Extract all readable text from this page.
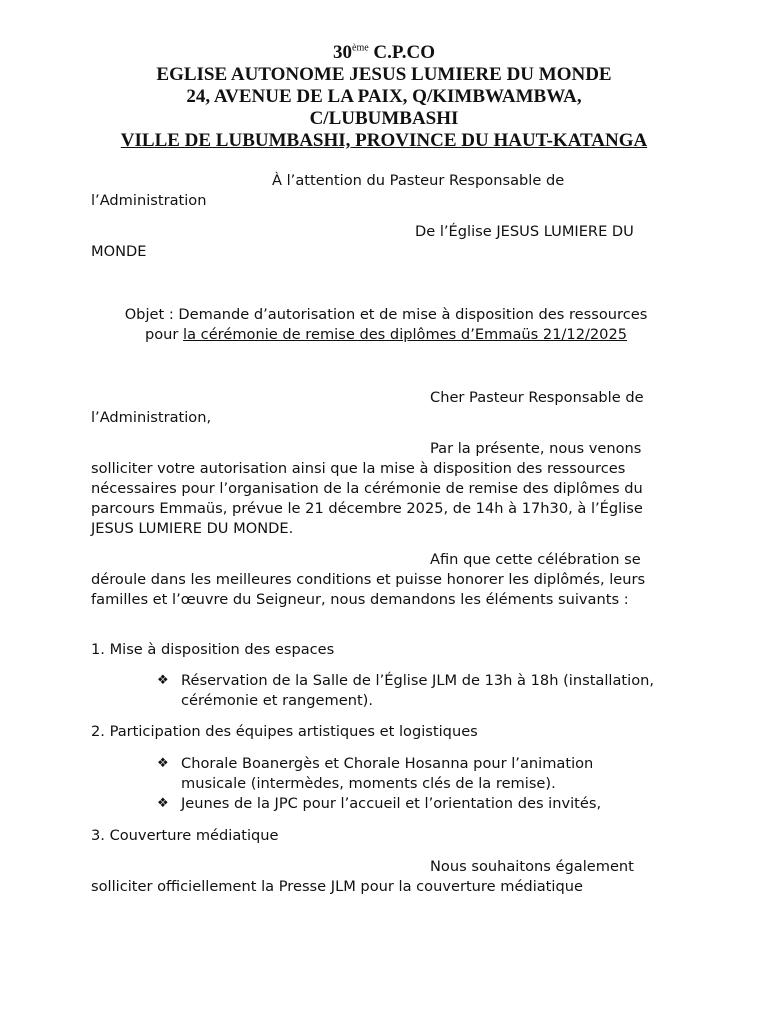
30ème C.P.CO
EGLISE AUTONOME JESUS LUMIERE DU MONDE
24, AVENUE DE LA PAIX, Q/KIMBWAMBWA,
C/LUBUMBASHI
VILLE DE LUBUMBASHI, PROVINCE DU HAUT-KATANGA
À l’attention du Pasteur Responsable de
l’Administration
De l’Église JESUS LUMIERE DU
MONDE
Objet : Demande d’autorisation et de mise à disposition des ressources
pour la cérémonie de remise des diplômes d’Emmaüs 21/12/2025
Cher Pasteur Responsable de
l’Administration,
Par la présente, nous venons
solliciter votre autorisation ainsi que la mise à disposition des ressources nécessaires pour l’organisation de la cérémonie de remise des diplômes du parcours Emmaüs, prévue le 21 décembre 2025, de 14h à 17h30, à l’Église JESUS LUMIERE DU MONDE.
Afin que cette célébration se
déroule dans les meilleures conditions et puisse honorer les diplômés, leurs familles et l’œuvre du Seigneur, nous demandons les éléments suivants :
1. Mise à disposition des espaces
❖ Réservation de la Salle de l’Église JLM de 13h à 18h (installation, cérémonie et rangement).
2. Participation des équipes artistiques et logistiques
❖ Chorale Boanergès et Chorale Hosanna pour l’animation musicale (intermèdes, moments clés de la remise).
❖ Jeunes de la JPC pour l’accueil et l’orientation des invités,
3. Couverture médiatique
Nous souhaitons également
solliciter officiellement la Presse JLM pour la couverture médiatique
